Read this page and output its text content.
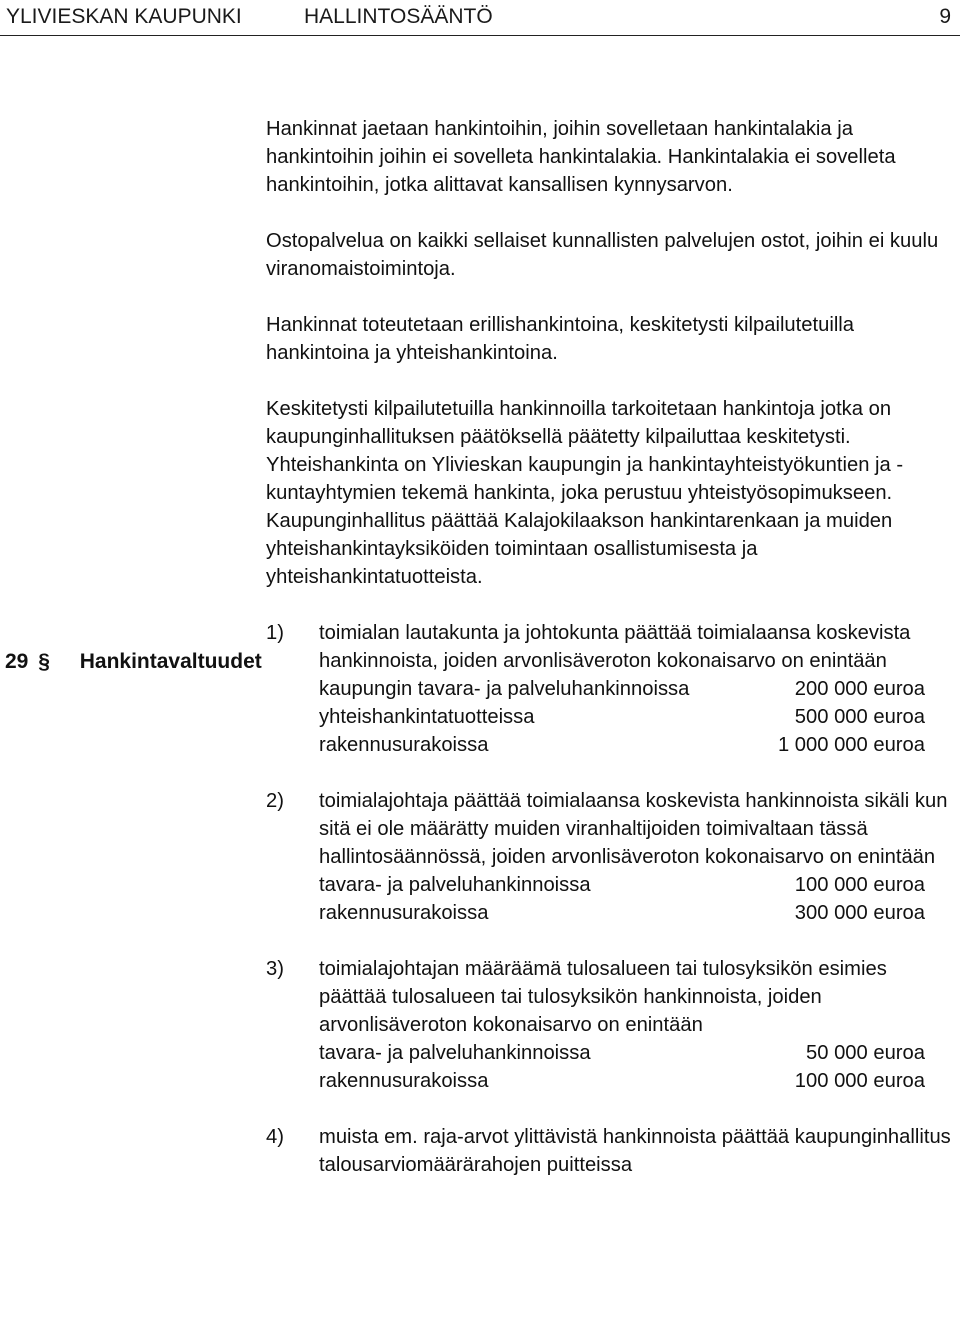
YLIVIESKAN KAUPUNKI	HALLINTOSÄÄNTÖ	9
29 § Hankintavaltuudet

Hankinnat jaetaan hankintoihin, joihin sovelletaan hankintalakia ja hankintoihin joihin ei sovelleta hankintalakia. Hankintalakia ei sovelleta hankintoihin, jotka alittavat kansallisen kynnysarvon.

Ostopalvelua on kaikki sellaiset kunnallisten palvelujen ostot, joihin ei kuulu viranomaistoimintoja.

Hankinnat toteutetaan erillishankintoina, keskitetysti kilpailutetuilla hankintoina ja yhteishankintoina.

Keskitetysti kilpailutetuilla hankinnoilla tarkoitetaan hankintoja jotka on kaupunginhallituksen päätöksellä päätetty kilpailuttaa keskitetysti.

Yhteishankinta on Ylivieskan kaupungin ja hankintayhteistyökuntien ja -kuntayhtymien tekemä hankinta, joka perustuu yhteistyösopimukseen. Kaupunginhallitus päättää Kalajokilaakson hankintarenkaan ja muiden yhteishankintayksiköiden toimintaan osallistumisesta ja yhteishankintatuotteista.

1) toimialan lautakunta ja johtokunta päättää toimialaansa koskevista hankinnoista, joiden arvonlisäveroton kokonaisarvo on enintään
kaupungin tavara- ja palveluhankinnoissa	200 000 euroa
yhteishankintatuotteissa	500 000 euroa
rakennusurakoissa	1 000 000 euroa
2) toimialajohtaja päättää toimialaansa koskevista hankinnoista sikäli kun sitä ei ole määrätty muiden viranhaltijoiden toimivaltaan tässä hallintosäännössä, joiden arvonlisäveroton kokonaisarvo on enintään
tavara- ja palveluhankinnoissa	100 000 euroa
rakennusurakoissa	300 000 euroa
3) toimialajohtajan määräämä tulosalueen tai tulosyksikön esimies päättää tulosalueen tai tulosyksikön hankinnoista, joiden arvonlisäveroton kokonaisarvo on enintään
tavara- ja palveluhankinnoissa	50 000 euroa
rakennusurakoissa	100 000 euroa
4) muista em. raja-arvot ylittävistä hankinnoista päättää kaupunginhallitus talousarviomäärärahojen puitteissa
